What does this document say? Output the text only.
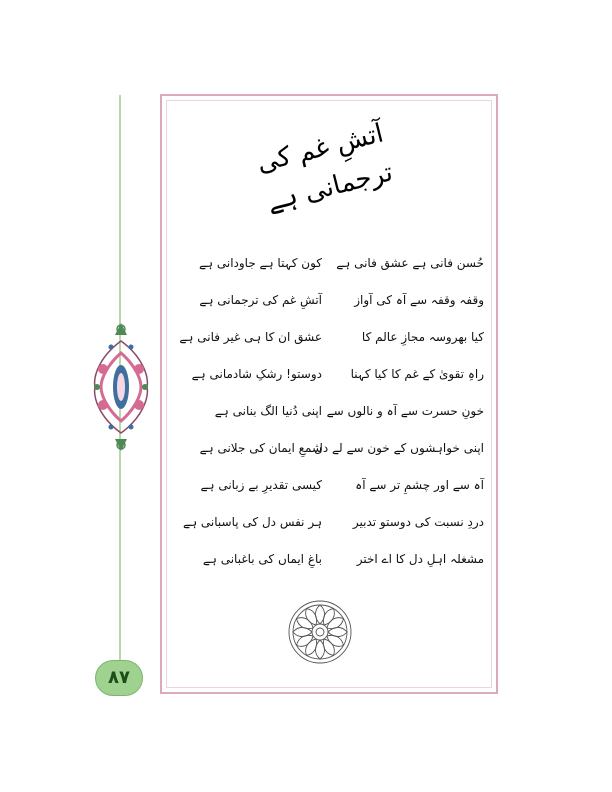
آتشِ غم کی ترجمانی ہے
حُسن فانی ہے عشق فانی ہے
کون کہتا ہے جاودانی ہے
وقفہ وقفہ سے آہ کی آواز
آتشِ غم کی ترجمانی ہے
کیا بھروسہ مجازِ عالم کا
عشق ان کا ہی غیر فانی ہے
راہِ تقویٰ کے غم کا کیا کہنا
دوستو! رشکِ شادمانی ہے
خونِ حسرت سے آہ و نالوں سے
اپنی دُنیا الگ بنانی ہے
اپنی خواہشوں کے خون سے لے دل
شمعِ ایمان کی جلانی ہے
آہ سے اور چشمِ تر سے آہ
کیسی تقدیرِ بے زبانی ہے
دردِ نسبت کی دوستو تدبیر
ہر نفس دل کی پاسبانی ہے
مشغلہ اہلِ دل کا اے اختر
باغِ ایماں کی باغبانی ہے
۸۷
